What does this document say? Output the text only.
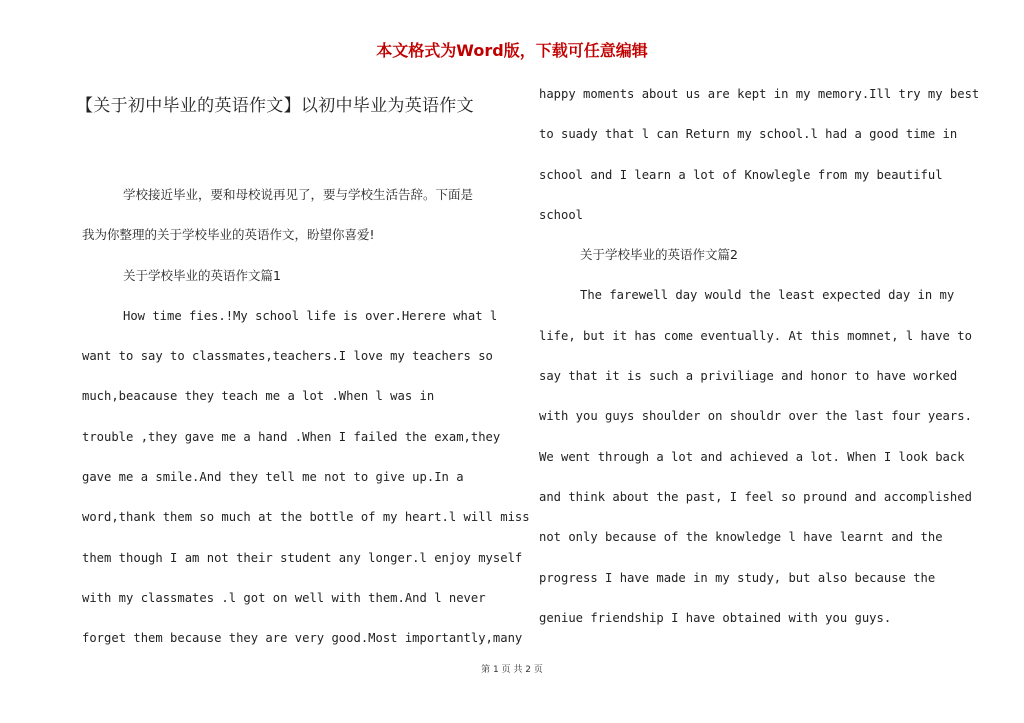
本文格式为Word版，下载可任意编辑
【关于初中毕业的英语作文】以初中毕业为英语作文
学校接近毕业，要和母校说再见了，要与学校生活告辞。下面是
我为你整理的关于学校毕业的英语作文，盼望你喜爱!
关于学校毕业的英语作文篇1
How time fies.!My school life is over.Herere what l
want to say to classmates,teachers.I love my teachers so
much,beacause they teach me a lot .When l was in
trouble ,they gave me a hand .When I failed the exam,they
gave me a smile.And they tell me not to give up.In a
word,thank them so much at the bottle of my heart.l will miss
them though I am not their student any longer.l enjoy myself
with my classmates .l got on well with them.And l never
forget them because they are very good.Most importantly,many
happy moments about us are kept in my memory.Ill try my best
to suady that l can Return my school.l had a good time in
school and I learn a lot of Knowlegle from my beautiful
school
关于学校毕业的英语作文篇2
The farewell day would the least expected day in my
life, but it has come eventually. At this momnet, l have to
say that it is such a priviliage and honor to have worked
with you guys shoulder on shouldr over the last four years.
We went through a lot and achieved a lot. When I look back
and think about the past, I feel so pround and accomplished
not only because of the knowledge l have learnt and the
progress I have made in my study, but also because the
geniue friendship I have obtained with you guys.
第 1 页 共 2 页
